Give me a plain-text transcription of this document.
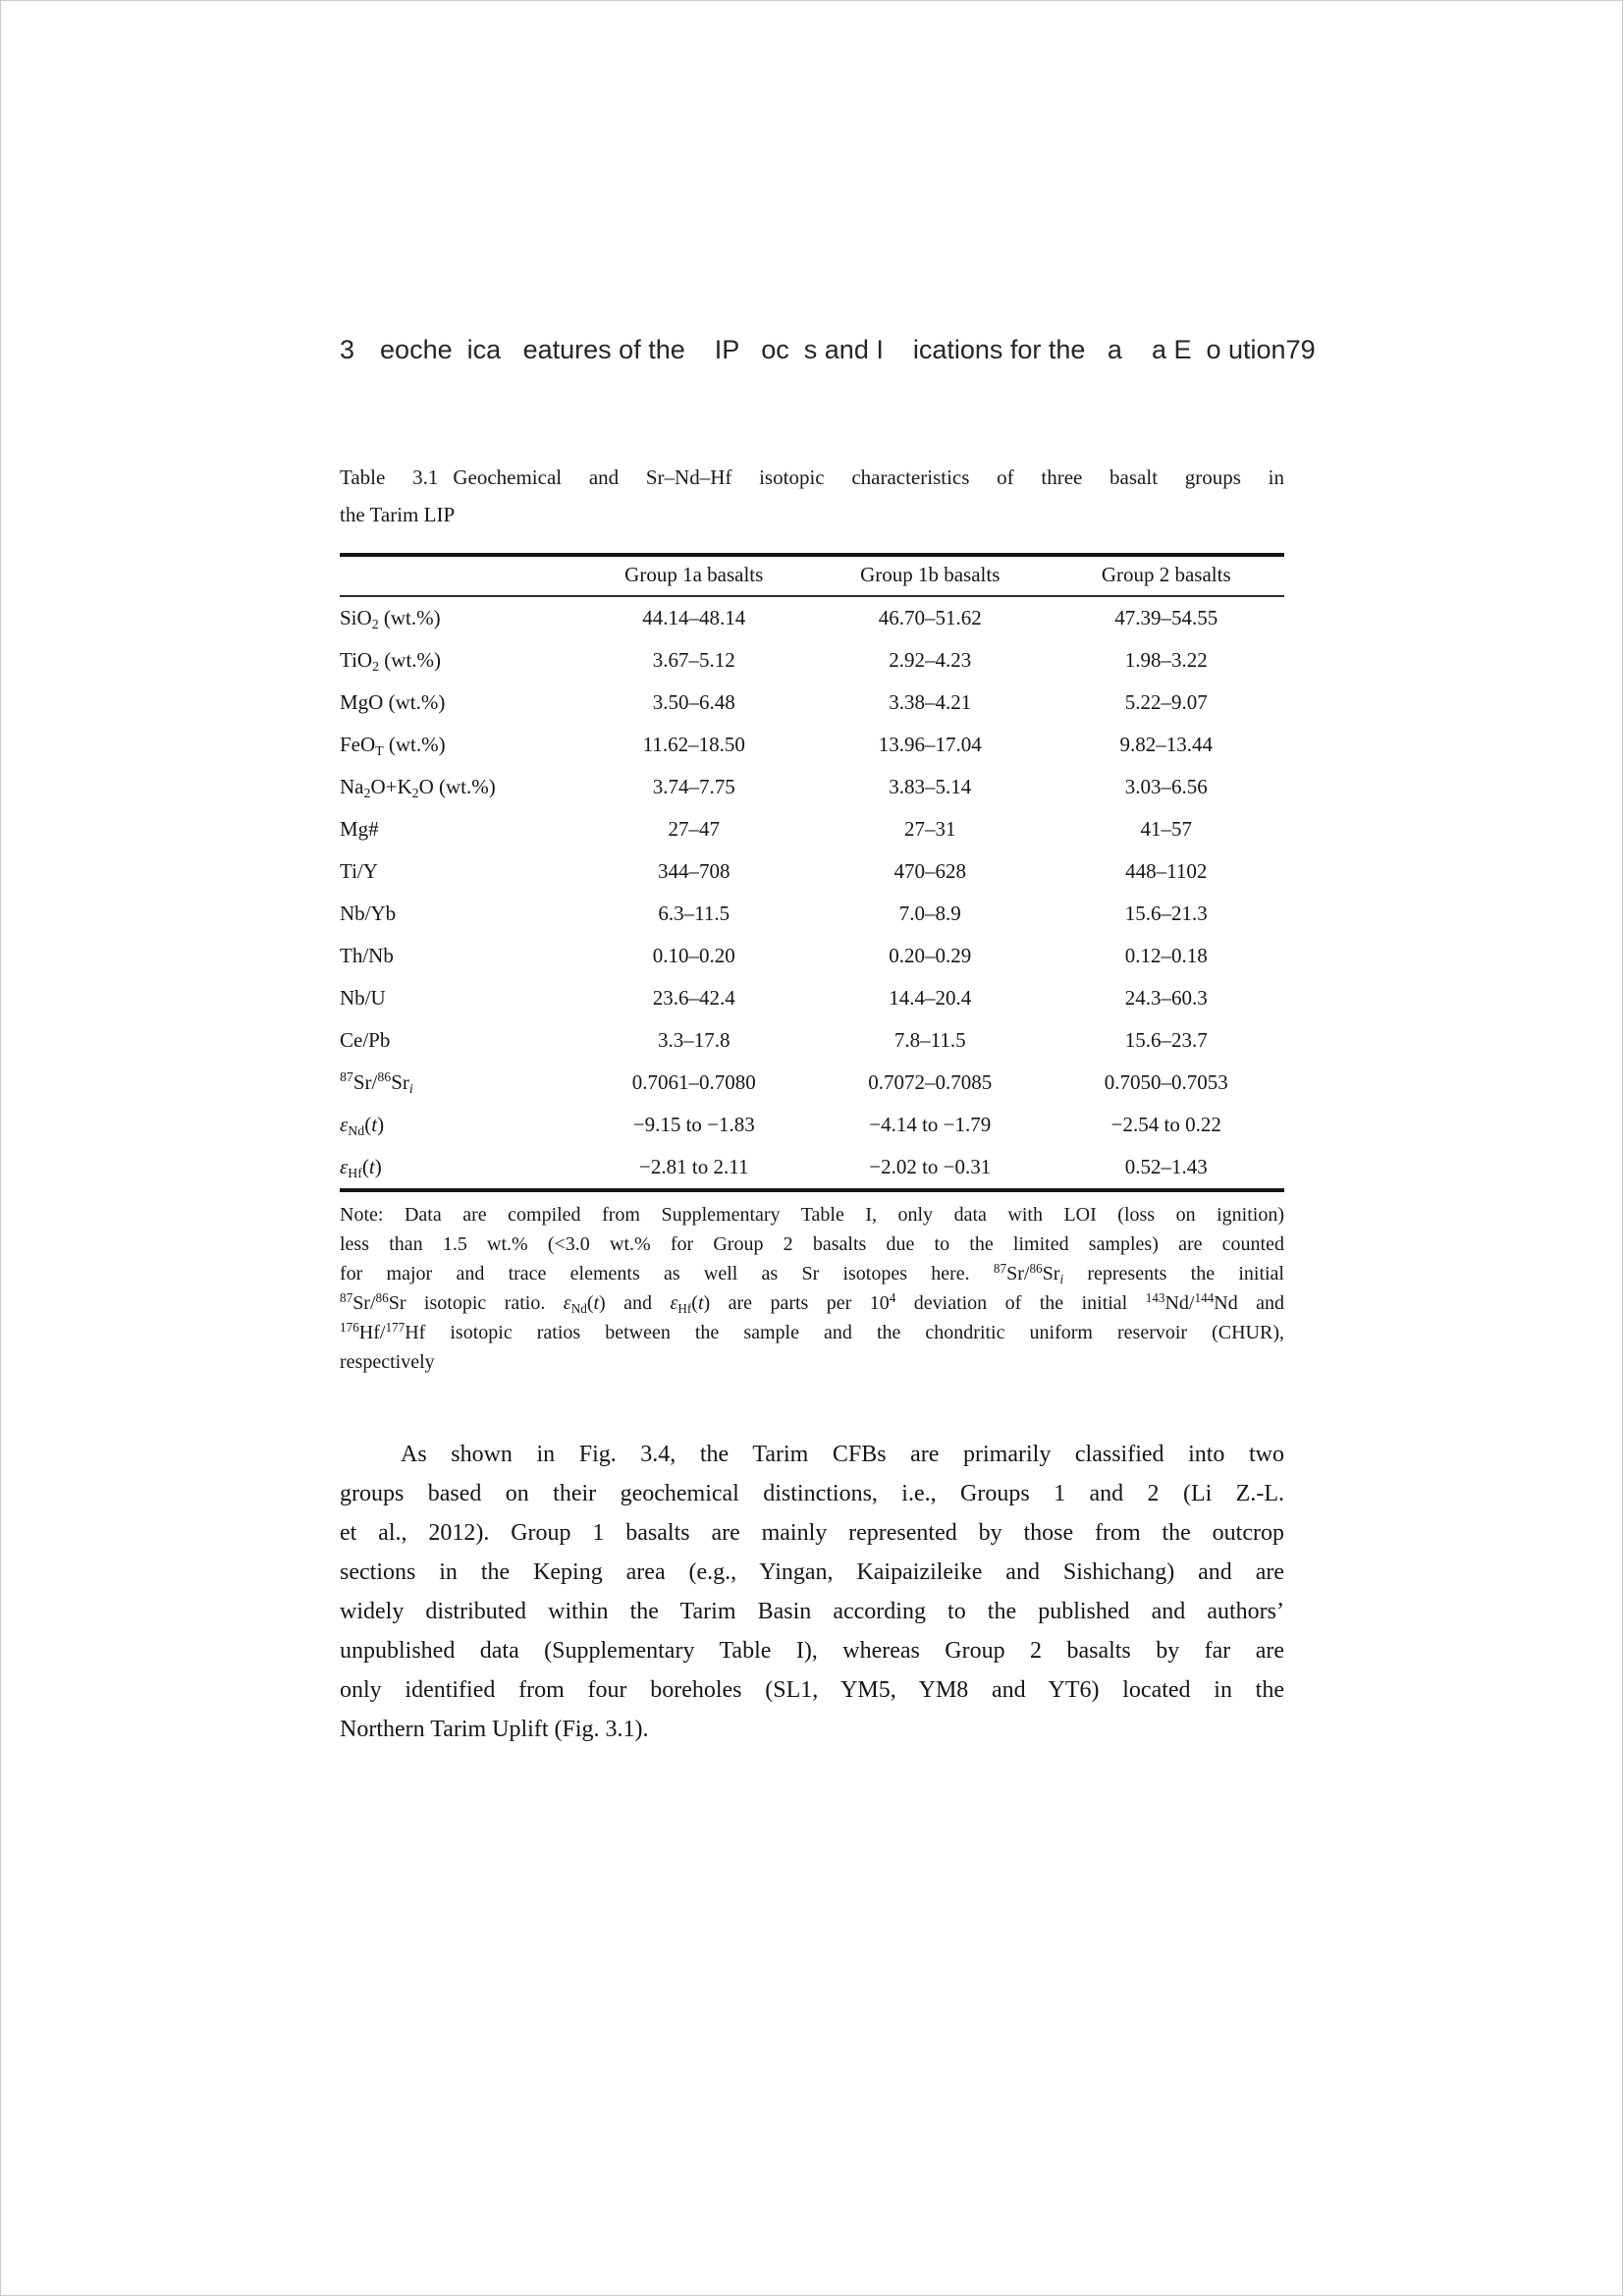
3 eoche  ica   eatures of the    IP   oc  s and I    ications for the   a    a E  o ution 79
Table 3.1 Geochemical and Sr–Nd–Hf isotopic characteristics of three basalt groups in
the Tarim LIP
	Group 1a basalts	Group 1b basalts	Group 2 basalts
SiO$_2$ (wt.%)	44.14–48.14	46.70–51.62	47.39–54.55
TiO$_2$ (wt.%)	3.67–5.12	2.92–4.23	1.98–3.22
MgO (wt.%)	3.50–6.48	3.38–4.21	5.22–9.07
FeO$_T$ (wt.%)	11.62–18.50	13.96–17.04	9.82–13.44
$Na_2O+K_2O$ (wt.%)	3.74–7.75	3.83–5.14	3.03–6.56
Mg#	27–47	27–31	41–57
Ti/Y	344–708	470–628	448–1102
Nb/Yb	6.3–11.5	7.0–8.9	15.6–21.3
Th/Nb	0.10–0.20	0.20–0.29	0.12–0.18
Nb/U	23.6–42.4	14.4–20.4	24.3–60.3
Ce/Pb	3.3–17.8	7.8–11.5	15.6–23.7
$^{87}Sr/^{86}Sr_i$	0.7061–0.7080	0.7072–0.7085	0.7050–0.7053
$\varepsilon_{Nd}(t)$	−9.15 to −1.83	−4.14 to −1.79	−2.54 to 0.22
$\varepsilon_{Hf}(t)$	−2.81 to 2.11	−2.02 to −0.31	0.52–1.43
Note: Data are compiled from Supplementary Table I, only data with LOI (loss on ignition)
less than 1.5 wt.% (<3.0 wt.% for Group 2 basalts due to the limited samples) are counted
for major and trace elements as well as Sr isotopes here. $^{87}Sr/^{86}Sr_i$ represents the initial
$^{87}$Sr/$^{86}$Sr isotopic ratio. $\varepsilon_{Nd}(t)$ and $\varepsilon_{Hf}(t)$ are parts per $10^4$ deviation of the initial $^{143}$Nd/$^{144}$Nd and
$^{176}$Hf/$^{177}$Hf isotopic ratios between the sample and the chondritic uniform reservoir (CHUR),
respectively
As shown in Fig. 3.4, the Tarim CFBs are primarily classified into two
groups based on their geochemical distinctions, i.e., Groups 1 and 2 (Li Z.-L.
et al., 2012). Group 1 basalts are mainly represented by those from the outcrop
sections in the Keping area (e.g., Yingan, Kaipaizileike and Sishichang) and are
widely distributed within the Tarim Basin according to the published and authors’
unpublished data (Supplementary Table I), whereas Group 2 basalts by far are
only identified from four boreholes (SL1, YM5, YM8 and YT6) located in the
Northern Tarim Uplift (Fig. 3.1).
